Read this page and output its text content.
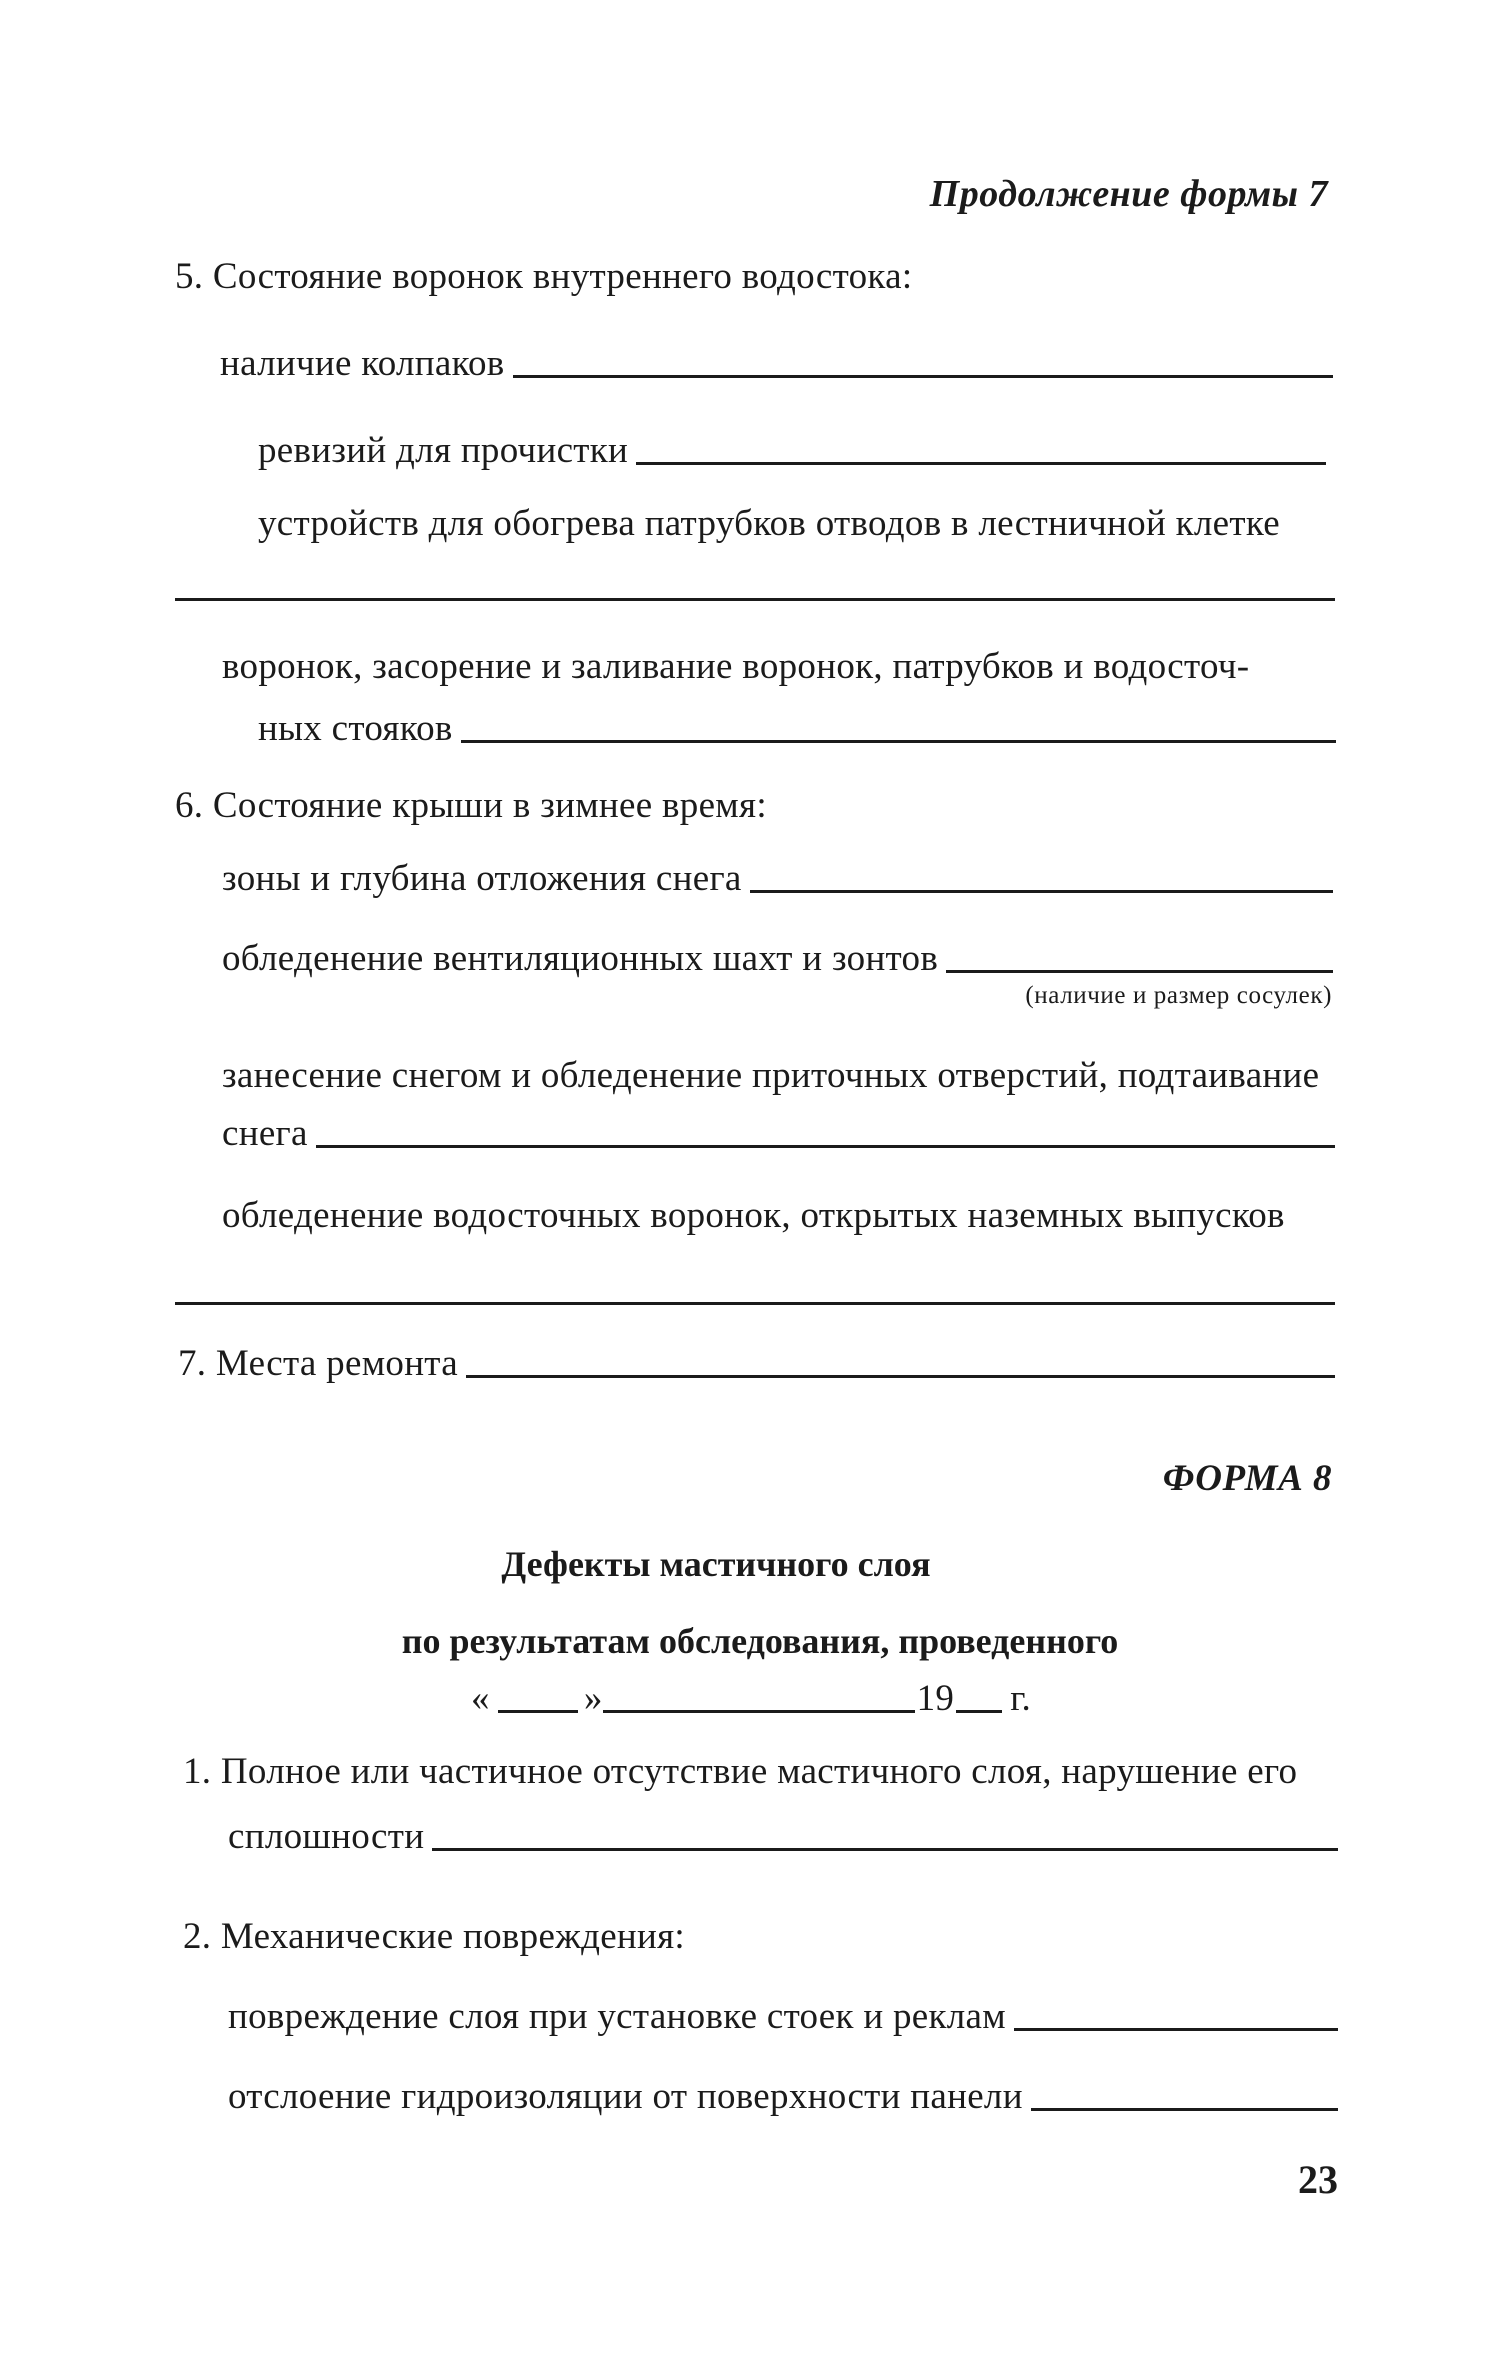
Продолжение формы 7
5. Состояние воронок внутреннего водостока:
наличие колпаков
ревизий для прочистки
устройств для обогрева патрубков отводов в лестничной клетке
воронок, засорение и заливание воронок, патрубков и водосточ-
ных стояков
6. Состояние крыши в зимнее время:
зоны и глубина отложения снега
обледенение вентиляционных шахт и зонтов
(наличие и размер сосулек)
занесение снегом и обледенение приточных отверстий, подтаивание
снега
обледенение водосточных воронок, открытых наземных выпусков
7. Места ремонта
ФОРМА 8
Дефекты мастичного слоя
по результатам обследования, проведенного
«	»	19 г.
1. Полное или частичное отсутствие мастичного слоя, нарушение его
сплошности
2. Механические повреждения:
повреждение слоя при установке стоек и реклам
отслоение гидроизоляции от поверхности панели
23
